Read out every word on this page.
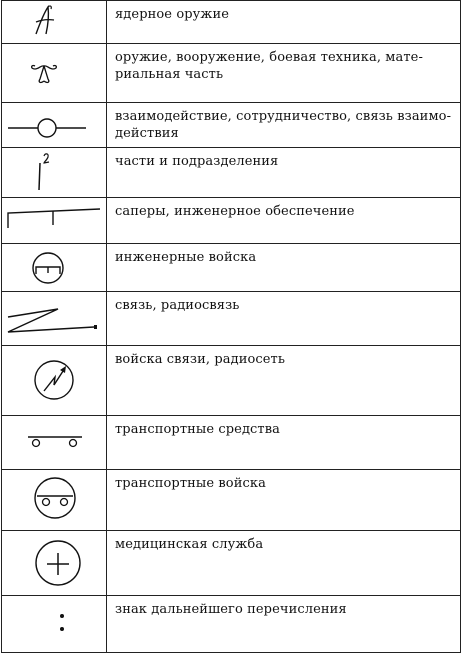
ядерное оружие
оружие, вооружение, боевая техника, мате-
риальная часть
взаимодействие, сотрудничество, связь взаимо-
действия
части и подразделения
саперы, инженерное обеспечение
инженерные войска
связь, радиосвязь
войска связи, радиосеть
транспортные средства
транспортные войска
медицинская служба
знак дальнейшего перечисления
